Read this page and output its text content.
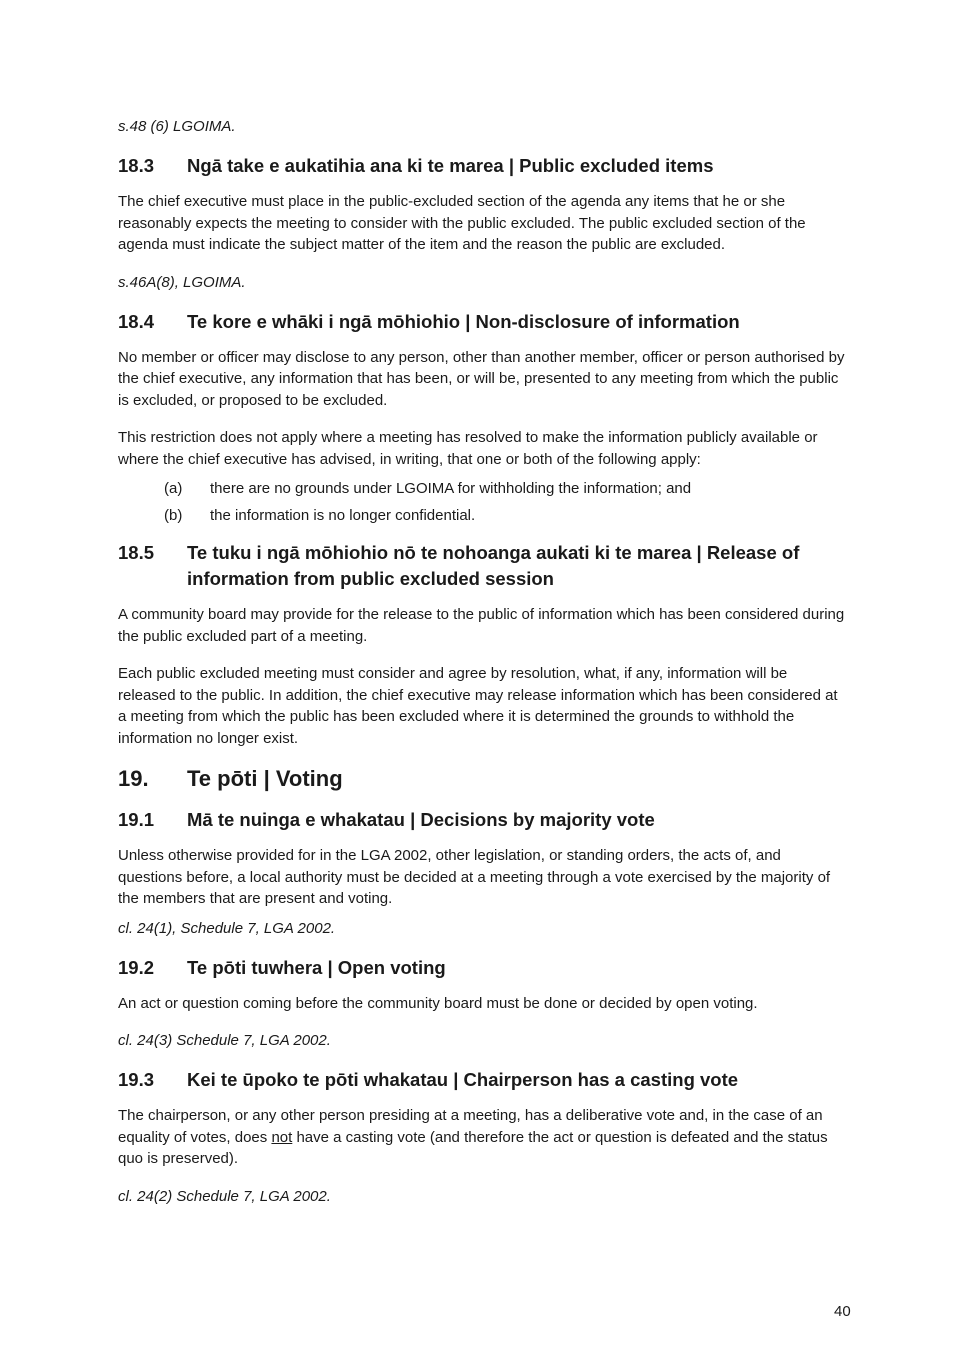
s.48 (6) LGOIMA.

18.3	Ngā take e aukatihia ana ki te marea | Public excluded items

The chief executive must place in the public-excluded section of the agenda any items that he or she reasonably expects the meeting to consider with the public excluded. The public excluded section of the agenda must indicate the subject matter of the item and the reason the public are excluded.

s.46A(8), LGOIMA.

18.4	Te kore e whāki i ngā mōhiohio | Non-disclosure of information

No member or officer may disclose to any person, other than another member, officer or person authorised by the chief executive, any information that has been, or will be, presented to any meeting from which the public is excluded, or proposed to be excluded.

This restriction does not apply where a meeting has resolved to make the information publicly available or where the chief executive has advised, in writing, that one or both of the following apply:

(a)	there are no grounds under LGOIMA for withholding the information; and
(b)	the information is no longer confidential.
18.5	Te tuku i ngā mōhiohio nō te nohoanga aukati ki te marea | Release of information from public excluded session

A community board may provide for the release to the public of information which has been considered during the public excluded part of a meeting.

Each public excluded meeting must consider and agree by resolution, what, if any, information will be released to the public. In addition, the chief executive may release information which has been considered at a meeting from which the public has been excluded where it is determined the grounds to withhold the information no longer exist.

19.	Te pōti | Voting
19.1	Mā te nuinga e whakatau | Decisions by majority vote

Unless otherwise provided for in the LGA 2002, other legislation, or standing orders, the acts of, and questions before, a local authority must be decided at a meeting through a vote exercised by the majority of the members that are present and voting.

cl. 24(1), Schedule 7, LGA 2002.

19.2	Te pōti tuwhera | Open voting

An act or question coming before the community board must be done or decided by open voting.

cl. 24(3) Schedule 7, LGA 2002.

19.3	Kei te ūpoko te pōti whakatau | Chairperson has a casting vote

The chairperson, or any other person presiding at a meeting, has a deliberative vote and, in the case of an equality of votes, does not have a casting vote (and therefore the act or question is defeated and the status quo is preserved).

cl. 24(2) Schedule 7, LGA 2002.

40
